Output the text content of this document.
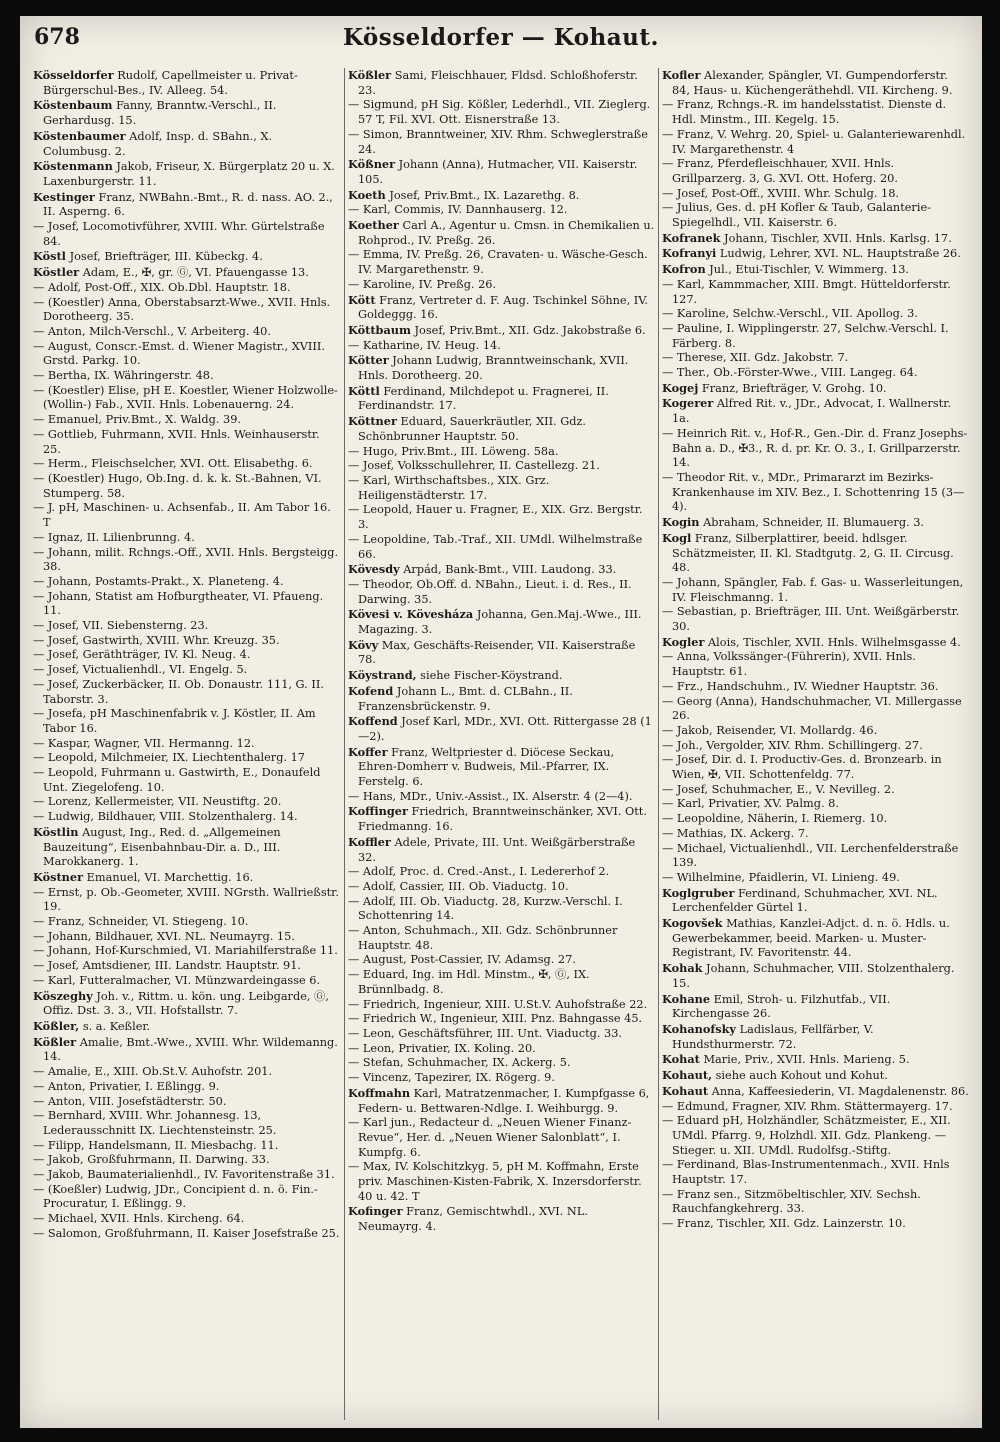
678	Kösseldorfer — Kohaut.

Kösseldorfer Rudolf, Capellmeister u. Privat-Bürgerschul-Bes., IV. Alleeg. 54.

Köstenbaum Fanny, Branntw.-Verschl., II. Gerhardusg. 15.

Köstenbaumer Adolf, Insp. d. SBahn., X. Columbusg. 2.

Köstenmann Jakob, Friseur, X. Bürgerplatz 20 u. X. Laxenburgerstr. 11.

Kestinger Franz, NWBahn.-Bmt., R. d. nass. AO. 2., II. Asperng. 6.

— Josef, Locomotivführer, XVIII. Whr. Gürtelstraße 84.

Köstl Josef, Briefträger, III. Kübeckg. 4.

Köstler Adam, E., ✠, gr. Ⓖ, VI. Pfauengasse 13.

— Adolf, Post-Off., XIX. Ob.Dbl. Hauptstr. 18.

— (Koestler) Anna, Oberstabsarzt-Wwe., XVII. Hnls. Dorotheerg. 35.

— Anton, Milch-Verschl., V. Arbeiterg. 40.

— August, Conscr.-Emst. d. Wiener Magistr., XVIII. Grstd. Parkg. 10.

— Bertha, IX. Währingerstr. 48.

— (Koestler) Elise, pH E. Koestler, Wiener Holzwolle- (Wollin-) Fab., XVII. Hnls. Lobenauerng. 24.

— Emanuel, Priv.Bmt., X. Waldg. 39.

— Gottlieb, Fuhrmann, XVII. Hnls. Weinhauserstr. 25.

— Herm., Fleischselcher, XVI. Ott. Elisabethg. 6.

— (Koestler) Hugo, Ob.Ing. d. k. k. St.-Bahnen, VI. Stumperg. 58.

— J. pH, Maschinen- u. Achsenfab., II. Am Tabor 16. T

— Ignaz, II. Lilienbrunng. 4.

— Johann, milit. Rchngs.-Off., XVII. Hnls. Bergsteigg. 38.

— Johann, Postamts-Prakt., X. Planeteng. 4.

— Johann, Statist am Hofburgtheater, VI. Pfaueng. 11.

— Josef, VII. Siebensterng. 23.

— Josef, Gastwirth, XVIII. Whr. Kreuzg. 35.

— Josef, Geräthträger, IV. Kl. Neug. 4.

— Josef, Victualienhdl., VI. Engelg. 5.

— Josef, Zuckerbäcker, II. Ob. Donaustr. 111, G. II. Taborstr. 3.

— Josefa, pH Maschinenfabrik v. J. Köstler, II. Am Tabor 16.

— Kaspar, Wagner, VII. Hermanng. 12.

— Leopold, Milchmeier, IX. Liechtenthalerg. 17

— Leopold, Fuhrmann u. Gastwirth, E., Donaufeld Unt. Ziegelofeng. 10.

— Lorenz, Kellermeister, VII. Neustiftg. 20.

— Ludwig, Bildhauer, VIII. Stolzenthalerg. 14.

Köstlin August, Ing., Red. d. „Allgemeinen Bauzeitung“, Eisenbahnbau-Dir. a. D., III. Marokkanerg. 1.

Köstner Emanuel, VI. Marchettig. 16.

— Ernst, p. Ob.-Geometer, XVIII. NGrsth. Wallrießstr. 19.

— Franz, Schneider, VI. Stiegeng. 10.

— Johann, Bildhauer, XVI. NL. Neumayrg. 15.

— Johann, Hof-Kurschmied, VI. Mariahilferstraße 11.

— Josef, Amtsdiener, III. Landstr. Hauptstr. 91.

— Karl, Futteralmacher, VI. Münzwardeingasse 6.

Köszeghy Joh. v., Rittm. u. kön. ung. Leibgarde, Ⓖ, Offiz. Dst. 3. 3., VII. Hofstallstr. 7.

Kößler, s. a. Keßler.

Kößler Amalie, Bmt.-Wwe., XVIII. Whr. Wildemanng. 14.

— Amalie, E., XIII. Ob.St.V. Auhofstr. 201.

— Anton, Privatier, I. Eßlingg. 9.

— Anton, VIII. Josefstädterstr. 50.

— Bernhard, XVIII. Whr. Johannesg. 13, Lederausschnitt IX. Liechtensteinstr. 25.

— Filipp, Handelsmann, II. Miesbachg. 11.

— Jakob, Großfuhrmann, II. Darwing. 33.

— Jakob, Baumaterialienhdl., IV. Favoritenstraße 31.

— (Koeßler) Ludwig, JDr., Concipient d. n. ö. Fin.-Procuratur, I. Eßlingg. 9.

— Michael, XVII. Hnls. Kircheng. 64.

— Salomon, Großfuhrmann, II. Kaiser Josefstraße 25.

Kößler Sami, Fleischhauer, Fldsd. Schloßhoferstr. 23.

— Sigmund, pH Sig. Kößler, Lederhdl., VII. Zieglerg. 57 T, Fil. XVI. Ott. Eisnerstraße 13.

— Simon, Branntweiner, XIV. Rhm. Schweglerstraße 24.

Kößner Johann (Anna), Hutmacher, VII. Kaiserstr. 105.

Koeth Josef, Priv.Bmt., IX. Lazarethg. 8.

— Karl, Commis, IV. Dannhauserg. 12.

Koether Carl A., Agentur u. Cmsn. in Chemikalien u. Rohprod., IV. Preßg. 26.

— Emma, IV. Preßg. 26, Cravaten- u. Wäsche-Gesch. IV. Margarethenstr. 9.

— Karoline, IV. Preßg. 26.

Kött Franz, Vertreter d. F. Aug. Tschinkel Söhne, IV. Goldeggg. 16.

Köttbaum Josef, Priv.Bmt., XII. Gdz. Jakobstraße 6.

— Katharine, IV. Heug. 14.

Kötter Johann Ludwig, Branntweinschank, XVII. Hnls. Dorotheerg. 20.

Köttl Ferdinand, Milchdepot u. Fragnerei, II. Ferdinandstr. 17.

Köttner Eduard, Sauerkräutler, XII. Gdz. Schönbrunner Hauptstr. 50.

— Hugo, Priv.Bmt., III. Löweng. 58a.

— Josef, Volksschullehrer, II. Castellezg. 21.

— Karl, Wirthschaftsbes., XIX. Grz. Heiligenstädterstr. 17.

— Leopold, Hauer u. Fragner, E., XIX. Grz. Bergstr. 3.

— Leopoldine, Tab.-Traf., XII. UMdl. Wilhelmstraße 66.

Kövesdy Arpád, Bank-Bmt., VIII. Laudong. 33.

— Theodor, Ob.Off. d. NBahn., Lieut. i. d. Res., II. Darwing. 35.

Kövesi v. Kövesháza Johanna, Gen.Maj.-Wwe., III. Magazing. 3.

Kövy Max, Geschäfts-Reisender, VII. Kaiserstraße 78.

Köystrand, siehe Fischer-Köystrand.

Kofend Johann L., Bmt. d. CLBahn., II. Franzensbrückenstr. 9.

Koffend Josef Karl, MDr., XVI. Ott. Rittergasse 28 (1—2).

Koffer Franz, Weltpriester d. Diöcese Seckau, Ehren-Domherr v. Budweis, Mil.-Pfarrer, IX. Ferstelg. 6.

— Hans, MDr., Univ.-Assist., IX. Alserstr. 4 (2—4).

Koffinger Friedrich, Branntweinschänker, XVI. Ott. Friedmanng. 16.

Koffler Adele, Private, III. Unt. Weißgärberstraße 32.

— Adolf, Proc. d. Cred.-Anst., I. Ledererhof 2.

— Adolf, Cassier, III. Ob. Viaductg. 10.

— Adolf, III. Ob. Viaductg. 28, Kurzw.-Verschl. I. Schottenring 14.

— Anton, Schuhmach., XII. Gdz. Schönbrunner Hauptstr. 48.

— August, Post-Cassier, IV. Adamsg. 27.

— Eduard, Ing. im Hdl. Minstm., ✠, Ⓖ, IX. Brünnlbadg. 8.

— Friedrich, Ingenieur, XIII. U.St.V. Auhofstraße 22.

— Friedrich W., Ingenieur, XIII. Pnz. Bahngasse 45.

— Leon, Geschäftsführer, III. Unt. Viaductg. 33.

— Leon, Privatier, IX. Koling. 20.

— Stefan, Schuhmacher, IX. Ackerg. 5.

— Vincenz, Tapezirer, IX. Rögerg. 9.

Koffmahn Karl, Matratzenmacher, I. Kumpfgasse 6, Federn- u. Bettwaren-Ndlge. I. Weihburgg. 9.

— Karl jun., Redacteur d. „Neuen Wiener Finanz-Revue“, Her. d. „Neuen Wiener Salonblatt“, I. Kumpfg. 6.

— Max, IV. Kolschitzkyg. 5, pH M. Koffmahn, Erste priv. Maschinen-Kisten-Fabrik, X. Inzersdorferstr. 40 u. 42. T

Kofinger Franz, Gemischtwhdl., XVI. NL. Neumayrg. 4.

Kofler Alexander, Spängler, VI. Gumpendorferstr. 84, Haus- u. Küchengeräthehdl. VII. Kircheng. 9.

— Franz, Rchngs.-R. im handelsstatist. Dienste d. Hdl. Minstm., III. Kegelg. 15.

— Franz, V. Wehrg. 20, Spiel- u. Galanteriewarenhdl. IV. Margarethenstr. 4

— Franz, Pferdefleischhauer, XVII. Hnls. Grillparzerg. 3, G. XVI. Ott. Hoferg. 20.

— Josef, Post-Off., XVIII. Whr. Schulg. 18.

— Julius, Ges. d. pH Kofler & Taub, Galanterie-Spiegelhdl., VII. Kaiserstr. 6.

Kofranek Johann, Tischler, XVII. Hnls. Karlsg. 17.

Kofranyi Ludwig, Lehrer, XVI. NL. Hauptstraße 26.

Kofron Jul., Etui-Tischler, V. Wimmerg. 13.

— Karl, Kammmacher, XIII. Bmgt. Hütteldorferstr. 127.

— Karoline, Selchw.-Verschl., VII. Apollog. 3.

— Pauline, I. Wipplingerstr. 27, Selchw.-Verschl. I. Färberg. 8.

— Therese, XII. Gdz. Jakobstr. 7.

— Ther., Ob.-Förster-Wwe., VIII. Langeg. 64.

Kogej Franz, Briefträger, V. Grohg. 10.

Kogerer Alfred Rit. v., JDr., Advocat, I. Wallnerstr. 1a.

— Heinrich Rit. v., Hof-R., Gen.-Dir. d. Franz Josephs-Bahn a. D., ✠3., R. d. pr. Kr. O. 3., I. Grillparzerstr. 14.

— Theodor Rit. v., MDr., Primararzt im Bezirks-Krankenhause im XIV. Bez., I. Schottenring 15 (3—4).

Kogin Abraham, Schneider, II. Blumauerg. 3.

Kogl Franz, Silberplattirer, beeid. hdlsger. Schätzmeister, II. Kl. Stadtgutg. 2, G. II. Circusg. 48.

— Johann, Spängler, Fab. f. Gas- u. Wasserleitungen, IV. Fleischmanng. 1.

— Sebastian, p. Briefträger, III. Unt. Weißgärberstr. 30.

Kogler Alois, Tischler, XVII. Hnls. Wilhelmsgasse 4.

— Anna, Volkssänger-(Führerin), XVII. Hnls. Hauptstr. 61.

— Frz., Handschuhm., IV. Wiedner Hauptstr. 36.

— Georg (Anna), Handschuhmacher, VI. Millergasse 26.

— Jakob, Reisender, VI. Mollardg. 46.

— Joh., Vergolder, XIV. Rhm. Schillingerg. 27.

— Josef, Dir. d. I. Productiv-Ges. d. Bronzearb. in Wien, ✠, VII. Schottenfeldg. 77.

— Josef, Schuhmacher, E., V. Nevilleg. 2.

— Karl, Privatier, XV. Palmg. 8.

— Leopoldine, Näherin, I. Riemerg. 10.

— Mathias, IX. Ackerg. 7.

— Michael, Victualienhdl., VII. Lerchenfelderstraße 139.

— Wilhelmine, Pfaidlerin, VI. Linieng. 49.

Koglgruber Ferdinand, Schuhmacher, XVI. NL. Lerchenfelder Gürtel 1.

Kogovšek Mathias, Kanzlei-Adjct. d. n. ö. Hdls. u. Gewerbekammer, beeid. Marken- u. Muster-Registrant, IV. Favoritenstr. 44.

Kohak Johann, Schuhmacher, VIII. Stolzenthalerg. 15.

Kohane Emil, Stroh- u. Filzhutfab., VII. Kirchengasse 26.

Kohanofsky Ladislaus, Fellfärber, V. Hundsthurmerstr. 72.

Kohat Marie, Priv., XVII. Hnls. Marieng. 5.

Kohaut, siehe auch Kohout und Kohut.

Kohaut Anna, Kaffeesiederin, VI. Magdalenenstr. 86.

— Edmund, Fragner, XIV. Rhm. Stättermayerg. 17.

— Eduard pH, Holzhändler, Schätzmeister, E., XII. UMdl. Pfarrg. 9, Holzhdl. XII. Gdz. Plankeng. — Stieger. u. XII. UMdl. Rudolfsg.-Stiftg.

— Ferdinand, Blas-Instrumentenmach., XVII. Hnls Hauptstr. 17.

— Franz sen., Sitzmöbeltischler, XIV. Sechsh. Rauchfangkehrerg. 33.

— Franz, Tischler, XII. Gdz. Lainzerstr. 10.
